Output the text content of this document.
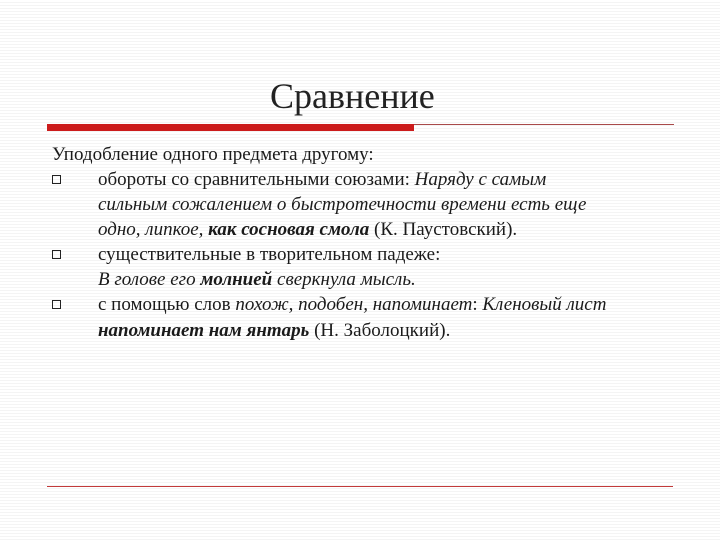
Сравнение

Уподобление одного предмета другому:

обороты со сравнительными союзами: Наряду с самым
сильным сожалением о быстротечности времени есть еще
одно, липкое, как сосновая смола (К. Паустовский).
существительные в творительном падеже:
В голове его молнией сверкнула мысль.
с помощью слов похож, подобен, напоминает: Кленовый лист
напоминает нам янтарь (Н. Заболоцкий).
